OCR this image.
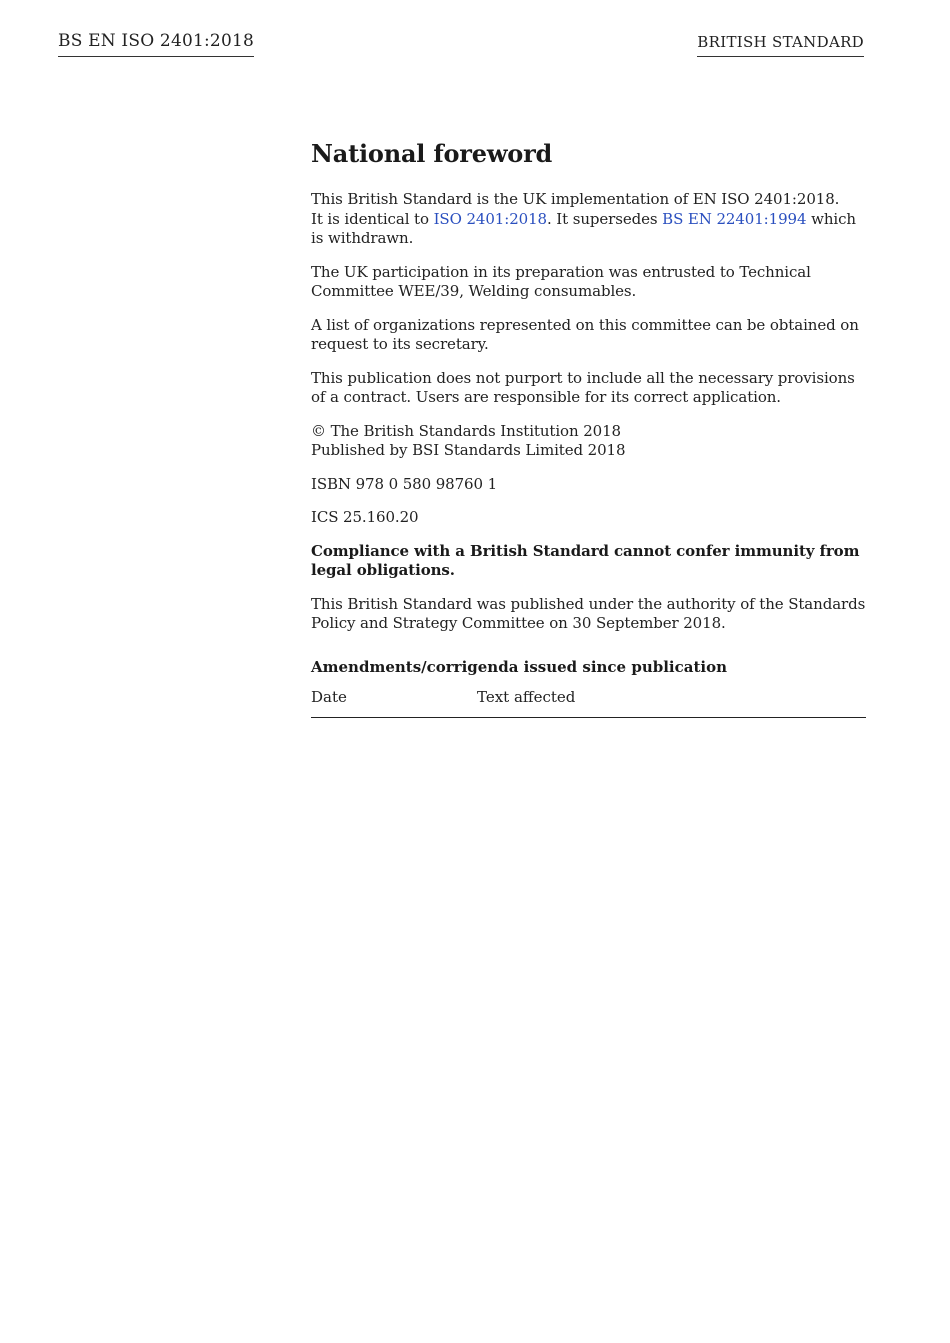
BS EN ISO 2401:2018	BRITISH STANDARD
National foreword

This British Standard is the UK implementation of EN ISO 2401:2018.
It is identical to ISO 2401:2018. It supersedes BS EN 22401:1994 which is withdrawn.

The UK participation in its preparation was entrusted to Technical Committee WEE/39, Welding consumables.

A list of organizations represented on this committee can be obtained on request to its secretary.

This publication does not purport to include all the necessary provisions of a contract. Users are responsible for its correct application.

© The British Standards Institution 2018
Published by BSI Standards Limited 2018

ISBN 978 0 580 98760 1

ICS 25.160.20

Compliance with a British Standard cannot confer immunity from legal obligations.

This British Standard was published under the authority of the Standards Policy and Strategy Committee on 30 September 2018.

Amendments/corrigenda issued since publication
Date	Text affected
